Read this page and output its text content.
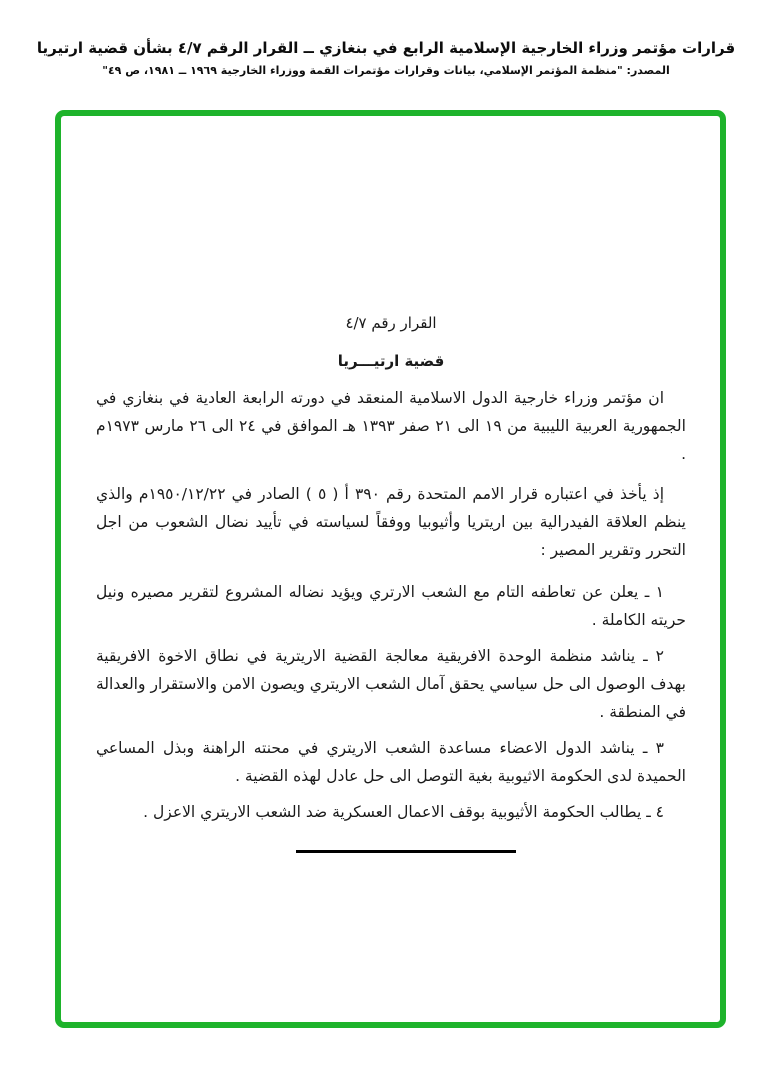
قرارات مؤتمر وزراء الخارجية الإسلامية الرابع في بنغازي ــ القرار الرقم ٤/٧ بشأن قضية ارتيريا
المصدر: "منظمة المؤتمر الإسلامي، بيانات وقرارات مؤتمرات القمة ووزراء الخارجية ١٩٦٩ ــ ١٩٨١، ص ٤٩"
القرار رقم ٤/٧
قضية ارتيـــريا

ان مؤتمر وزراء خارجية الدول الاسلامية المنعقد في دورته الرابعة العادية في بنغازي في الجمهورية العربية الليبية من ١٩ الى ٢١ صفر ١٣٩٣ هـ الموافق في ٢٤ الى ٢٦ مارس ١٩٧٣م .

إذ يأخذ في اعتباره قرار الامم المتحدة رقم ٣٩٠ أ ( ٥ ) الصادر في ١٩٥٠/١٢/٢٢م والذي ينظم العلاقة الفيدرالية بين اريتريا وأثيوبيا ووفقاً لسياسته في تأييد نضال الشعوب من اجل التحرر وتقرير المصير :

١ ـ يعلن عن تعاطفه التام مع الشعب الارتري ويؤيد نضاله المشروع لتقرير مصيره ونيل حريته الكاملة .

٢ ـ يناشد منظمة الوحدة الافريقية معالجة القضية الاريترية في نطاق الاخوة الافريقية بهدف الوصول الى حل سياسي يحقق آمال الشعب الاريتري ويصون الامن والاستقرار والعدالة في المنطقة .

٣ ـ يناشد الدول الاعضاء مساعدة الشعب الاريتري في محنته الراهنة وبذل المساعي الحميدة لدى الحكومة الاثيوبية بغية التوصل الى حل عادل لهذه القضية .

٤ ـ يطالب الحكومة الأثيوبية بوقف الاعمال العسكرية ضد الشعب الاريتري الاعزل .
